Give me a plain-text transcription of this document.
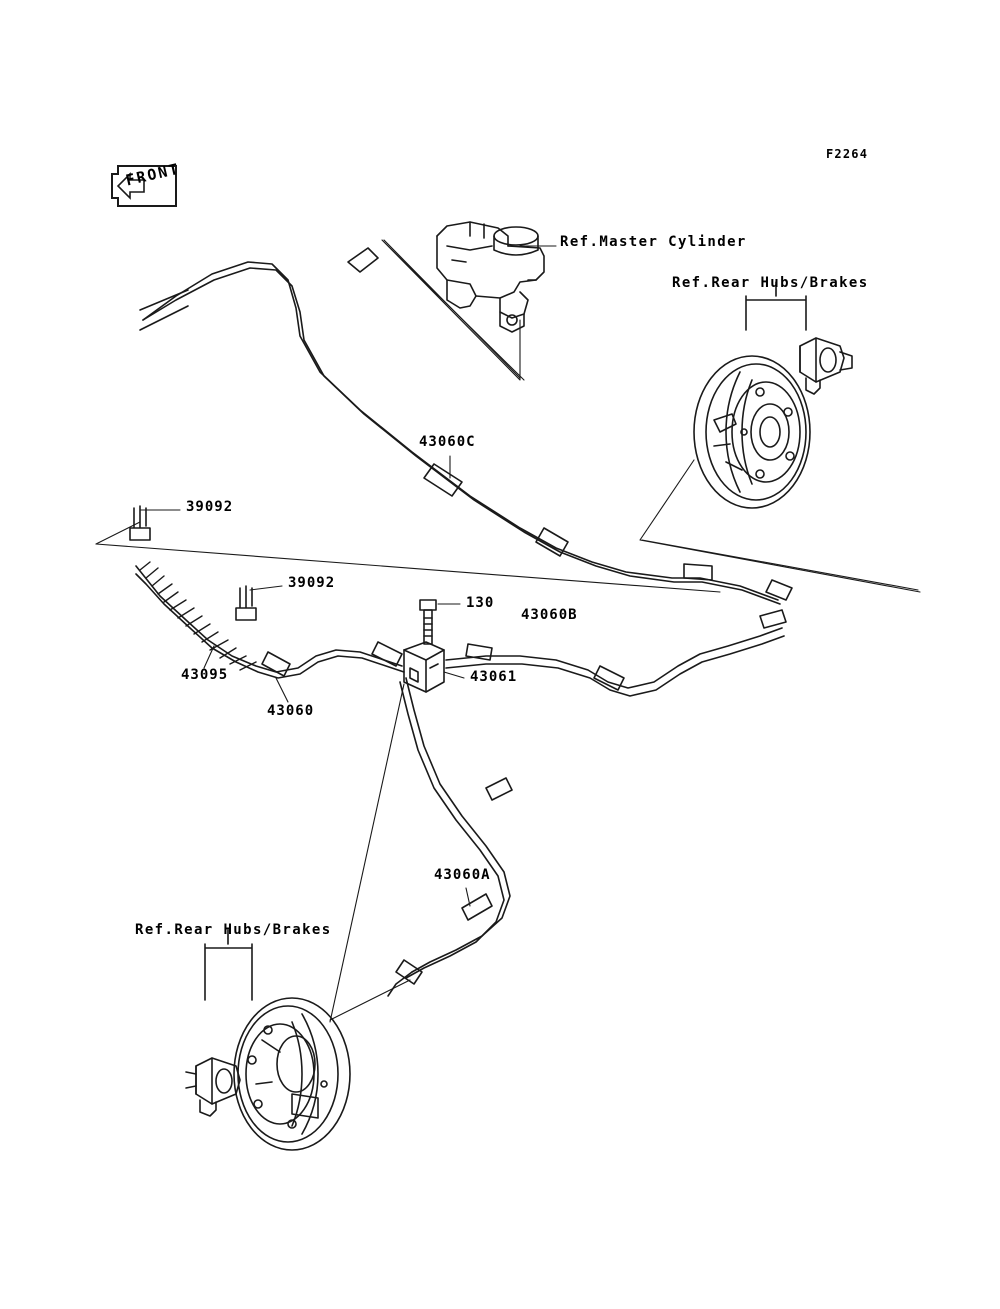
F2264
FRONT
Ref.Master Cylinder
Ref.Rear Hubs/Brakes
Ref.Rear Hubs/Brakes
43060C
39092
39092
130
43060B
43061
43095
43060
43060A
